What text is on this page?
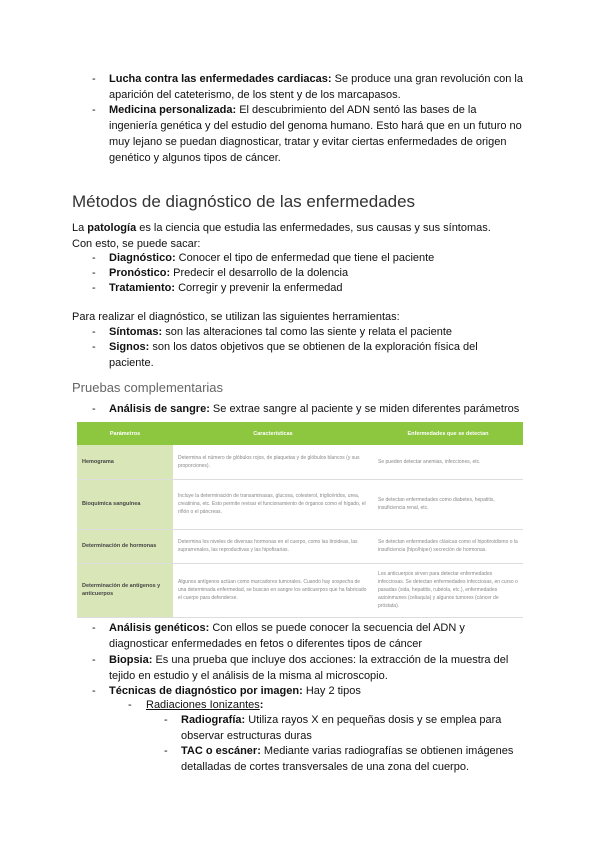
- Lucha contra las enfermedades cardiacas: Se produce una gran revolución con la
aparición del cateterismo, de los stent y de los marcapasos.
- Medicina personalizada: El descubrimiento del ADN sentó las bases de la
ingeniería genética y del estudio del genoma humano. Esto hará que en un futuro no
muy lejano se puedan diagnosticar, tratar y evitar ciertas enfermedades de origen
genético y algunos tipos de cáncer.
Métodos de diagnóstico de las enfermedades
La patología es la ciencia que estudia las enfermedades, sus causas y sus síntomas.
Con esto, se puede sacar:
- Diagnóstico: Conocer el tipo de enfermedad que tiene el paciente
- Pronóstico: Predecir el desarrollo de la dolencia
- Tratamiento: Corregir y prevenir la enfermedad
Para realizar el diagnóstico, se utilizan las siguientes herramientas:
- Síntomas: son las alteraciones tal como las siente y relata el paciente
- Signos: son los datos objetivos que se obtienen de la exploración física del
paciente.
Pruebas complementarias
- Análisis de sangre: Se extrae sangre al paciente y se miden diferentes parámetros
Parámetros	Características	Enfermedades que se detectan
Hemograma	Determina el número de glóbulos rojos, de plaquetas y de glóbulos blancos (y sus proporciones).	Se pueden detectar anemias, infecciones, etc.
Bioquímica sanguínea	Incluye la determinación de transaminasas, glucosa, colesterol, triglicéridos, urea, creatinina, etc. Esto permite revisar el funcionamiento de órganos como el hígado, el riñón o el páncreas.	Se detectan enfermedades como diabetes, hepatitis, insuficiencia renal, etc.
Determinación de hormonas	Determina los niveles de diversas hormonas en el cuerpo, como las tiroideas, las suprarrenales, las reproductivas y las hipofisarias.	Se detectan enfermedades clásicas como el hipotiroidismo o la insuficiencia (hipo/hiper) secreción de hormonas.
Determinación de antígenos y anticuerpos	Algunos antígenos actúan como marcadores tumorales. Cuando hay sospecha de una determinada enfermedad, se buscan en sangre los anticuerpos que ha fabricado el cuerpo para defenderse.	Los anticuerpos sirven para detectar enfermedades infecciosas. Se detectan enfermedades infecciosas, en curso o pasadas (sida, hepatitis, rubéola, etc.), enfermedades autoinmunes (celiaquía) y algunos tumores (cáncer de próstata).
- Análisis genéticos: Con ellos se puede conocer la secuencia del ADN y
diagnosticar enfermedades en fetos o diferentes tipos de cáncer
- Biopsia: Es una prueba que incluye dos acciones: la extracción de la muestra del
tejido en estudio y el análisis de la misma al microscopio.
- Técnicas de diagnóstico por imagen: Hay 2 tipos
- Radiaciones Ionizantes:
- Radiografía: Utiliza rayos X en pequeñas dosis y se emplea para
observar estructuras duras
- TAC o escáner: Mediante varias radiografías se obtienen imágenes
detalladas de cortes transversales de una zona del cuerpo.
